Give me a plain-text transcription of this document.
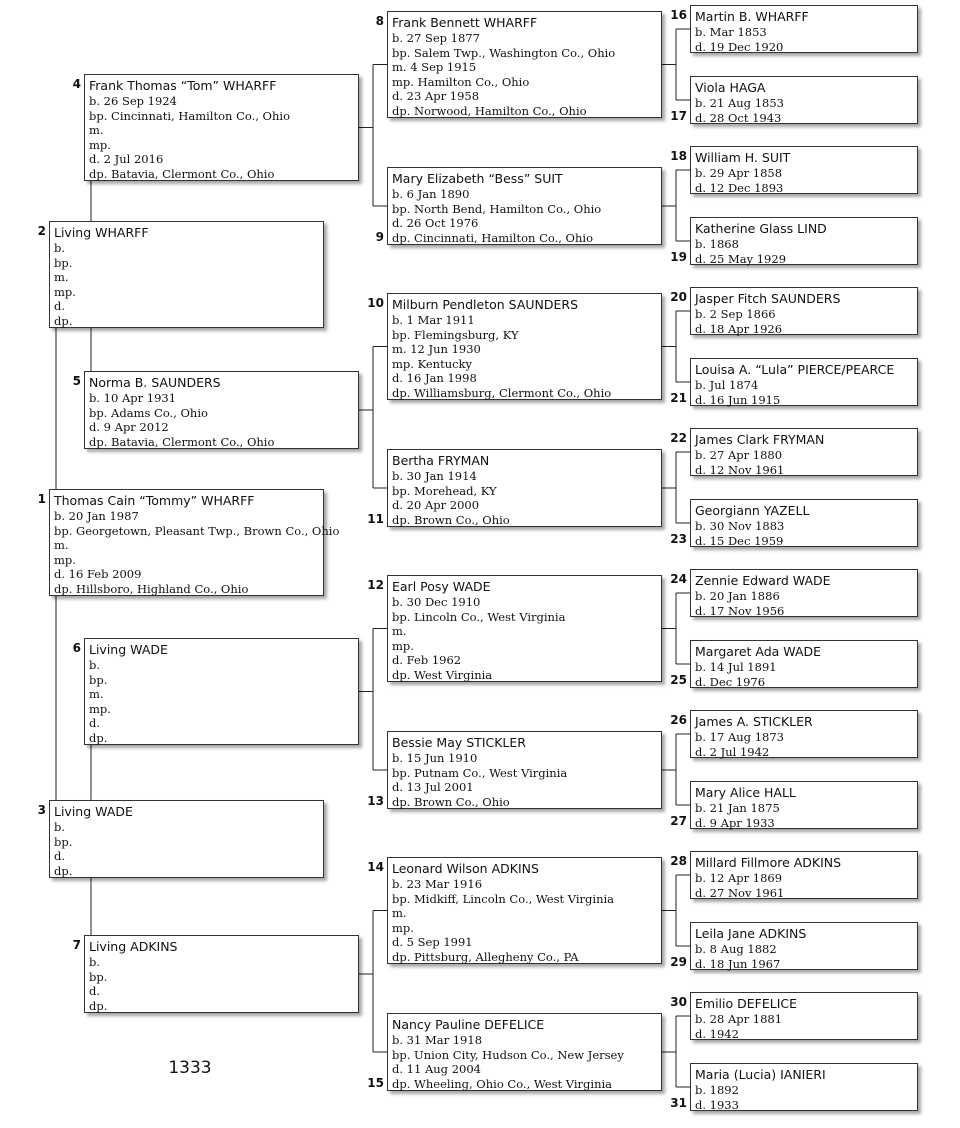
Thomas Cain “Tommy” WHARFF
b. 20 Jan 1987
bp. Georgetown, Pleasant Twp., Brown Co., Ohio
m.
mp.
d. 16 Feb 2009
dp. Hillsboro, Highland Co., Ohio
1
Living WHARFF
b.
bp.
m.
mp.
d.
dp.
2
Living WADE
b.
bp.
d.
dp.
3
Frank Thomas “Tom” WHARFF
b. 26 Sep 1924
bp. Cincinnati, Hamilton Co., Ohio
m.
mp.
d. 2 Jul 2016
dp. Batavia, Clermont Co., Ohio
4
Norma B. SAUNDERS
b. 10 Apr 1931
bp. Adams Co., Ohio
d. 9 Apr 2012
dp. Batavia, Clermont Co., Ohio
5
Living WADE
b.
bp.
m.
mp.
d.
dp.
6
Living ADKINS
b.
bp.
d.
dp.
7
Frank Bennett WHARFF
b. 27 Sep 1877
bp. Salem Twp., Washington Co., Ohio
m. 4 Sep 1915
mp. Hamilton Co., Ohio
d. 23 Apr 1958
dp. Norwood, Hamilton Co., Ohio
8
Mary Elizabeth “Bess” SUIT
b. 6 Jan 1890
bp. North Bend, Hamilton Co., Ohio
d. 26 Oct 1976
dp. Cincinnati, Hamilton Co., Ohio
9
Milburn Pendleton SAUNDERS
b. 1 Mar 1911
bp. Flemingsburg, KY
m. 12 Jun 1930
mp. Kentucky
d. 16 Jan 1998
dp. Williamsburg, Clermont Co., Ohio
10
Bertha FRYMAN
b. 30 Jan 1914
bp. Morehead, KY
d. 20 Apr 2000
dp. Brown Co., Ohio
11
Earl Posy WADE
b. 30 Dec 1910
bp. Lincoln Co., West Virginia
m.
mp.
d. Feb 1962
dp. West Virginia
12
Bessie May STICKLER
b. 15 Jun 1910
bp. Putnam Co., West Virginia
d. 13 Jul 2001
dp. Brown Co., Ohio
13
Leonard Wilson ADKINS
b. 23 Mar 1916
bp. Midkiff, Lincoln Co., West Virginia
m.
mp.
d. 5 Sep 1991
dp. Pittsburg, Allegheny Co., PA
14
Nancy Pauline DEFELICE
b. 31 Mar 1918
bp. Union City, Hudson Co., New Jersey
d. 11 Aug 2004
dp. Wheeling, Ohio Co., West Virginia
15
Martin B. WHARFF
b. Mar 1853
d. 19 Dec 1920
16
Viola HAGA
b. 21 Aug 1853
d. 28 Oct 1943
17
William H. SUIT
b. 29 Apr 1858
d. 12 Dec 1893
18
Katherine Glass LIND
b. 1868
d. 25 May 1929
19
Jasper Fitch SAUNDERS
b. 2 Sep 1866
d. 18 Apr 1926
20
Louisa A. “Lula” PIERCE/PEARCE
b. Jul 1874
d. 16 Jun 1915
21
James Clark FRYMAN
b. 27 Apr 1880
d. 12 Nov 1961
22
Georgiann YAZELL
b. 30 Nov 1883
d. 15 Dec 1959
23
Zennie Edward WADE
b. 20 Jan 1886
d. 17 Nov 1956
24
Margaret Ada WADE
b. 14 Jul 1891
d. Dec 1976
25
James A. STICKLER
b. 17 Aug 1873
d. 2 Jul 1942
26
Mary Alice HALL
b. 21 Jan 1875
d. 9 Apr 1933
27
Millard Fillmore ADKINS
b. 12 Apr 1869
d. 27 Nov 1961
28
Leila Jane ADKINS
b. 8 Aug 1882
d. 18 Jun 1967
29
Emilio DEFELICE
b. 28 Apr 1881
d. 1942
30
Maria (Lucia) IANIERI
b. 1892
d. 1933
31
1333
